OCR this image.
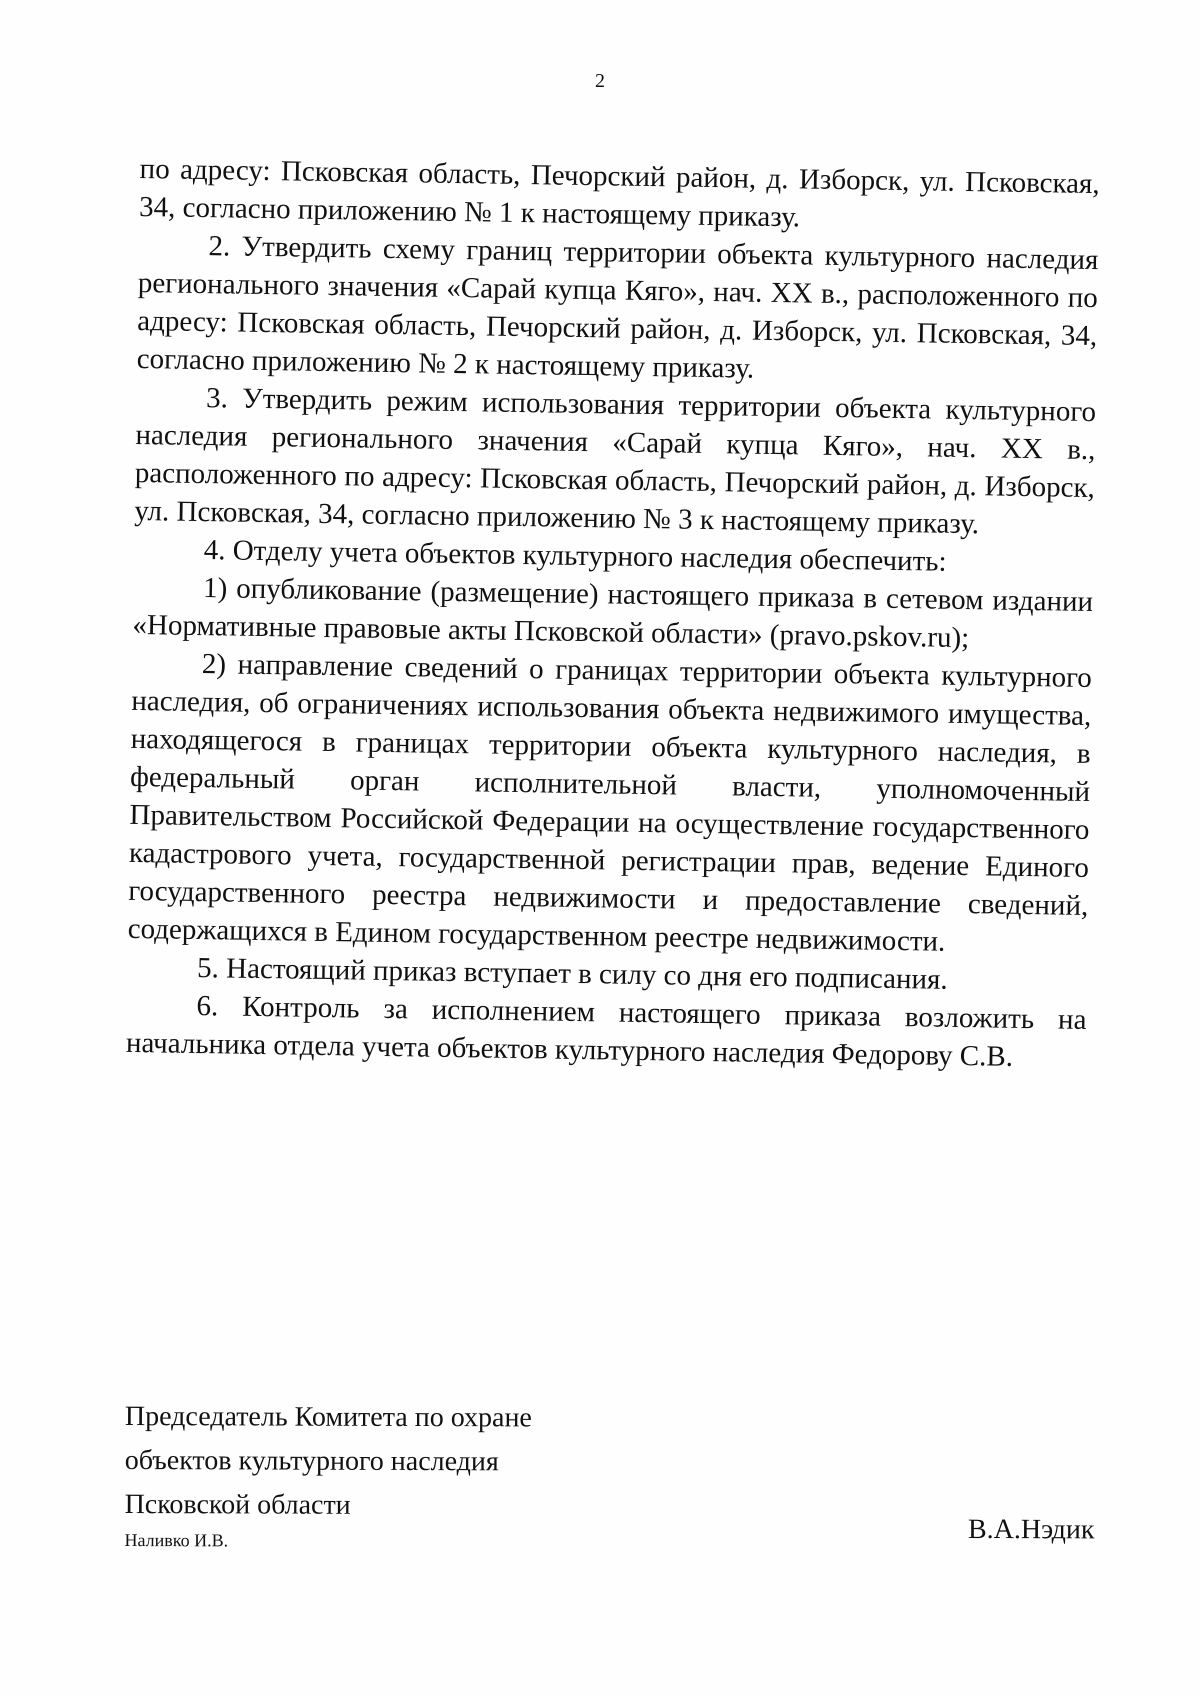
2

по адресу: Псковская область, Печорский район, д. Изборск, ул. Псковская, 34, согласно приложению № 1 к настоящему приказу.

2. Утвердить схему границ территории объекта культурного наследия регионального значения «Сарай купца Кяго», нач. XX в., расположенного по адресу: Псковская область, Печорский район, д. Изборск, ул. Псковская, 34, согласно приложению № 2 к настоящему приказу.

3. Утвердить режим использования территории объекта культурного наследия регионального значения «Сарай купца Кяго», нач. XX в., расположенного по адресу: Псковская область, Печорский район, д. Изборск, ул. Псковская, 34, согласно приложению № 3 к настоящему приказу.

4. Отделу учета объектов культурного наследия обеспечить:

1) опубликование (размещение) настоящего приказа в сетевом издании «Нормативные правовые акты Псковской области» (pravo.pskov.ru);

2) направление сведений о границах территории объекта культурного наследия, об ограничениях использования объекта недвижимого имущества, находящегося в границах территории объекта культурного наследия, в федеральный орган исполнительной власти, уполномоченный Правительством Российской Федерации на осуществление государственного кадастрового учета, государственной регистрации прав, ведение Единого государственного реестра недвижимости и предоставление сведений, содержащихся в Едином государственном реестре недвижимости.

5. Настоящий приказ вступает в силу со дня его подписания.

6. Контроль за исполнением настоящего приказа возложить на начальника отдела учета объектов культурного наследия Федорову С.В.

Председатель Комитета по охране
объектов культурного наследия
Псковской области
Наливко И.В.	В.А.Нэдик
